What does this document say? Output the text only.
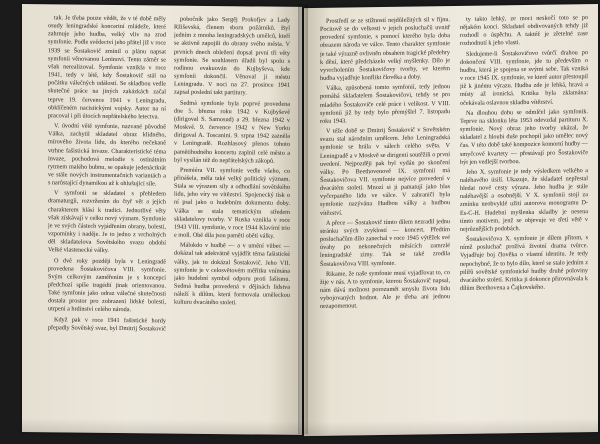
tak. Je třeba pouze vědět, že v té době měly osudy leningradské koncertní mládeže, které zahrnuje jeho hudba, velký vliv na zrod symfonie. Podle svědectví jeho přátel již v roce 1939 se Šostakovič zmínil o plánu napsat symfonii věnovanou Leninovi. Tento záměr se však nerealizoval. Symfonie vznikla v roce 1941, tedy v létě, kdy Šostakovič stál na počátku válečných událostí. Se skladbou vedle skutečné práce na jiných zakázkách začal teprve 19. července 1941 v Leningradu, obklíčeném nacistickými vojsky. Autor na ní pracoval i při útocích nepřátelského letectva.

V. úvodní větě symfonie, nazvané původně Válka, zachytil skladatel obraz klidného, mírového života lidu, do kterého nečekaně vtrhne fašistická invaze. Charakteristické téma invaze, pochodová melodie s ostinátním rytmem malého bubnu, se opakuje jedenáctkrát ve stále nových instrumentačních variantách a s narůstající dynamikou až k ohlušující síle.

V symfonii se skladatel s přehledem dramaturgii, rozvržením do čtyř vět a jejich charakterem hlásí k tradici. Jednotlivé věty však získávají v celku nový význam. Symfonie je ve svých částech vyjádřením obrany, bolesti, vzpomínky i naděje. Je to jedno z vrcholných děl skladatelova Sovětského svazu období Velké vlastenecké války.

O dvě roky později byla v Leningradě provedena Šostakovičova VIII. symfonie. Svým celkovým zaměřením je s koncepcí předchozí spíše tragédií jinak orientovanou. Také symfonie jako odraz válečné skutečnosti dostala prostor pro zobrazení lidské bolesti, utrpení a hrdinství celého národa.

Když pak v roce 1941 fašistické hordy přepadly Sovětský svaz, byl Dmitrij Šostakovič

pobočník jako Sergěj Prokofjev a Lady Ržiševská, členem sboru požárníků. Byl jedním z mnoha leningradských umělců, kteří se aktivně zapojili do obrany svého města. V prvních dnech obležení dopsal první tři věty symfonie. Se souhlasem úřadů byl spolu s rodinou evakuován do Kujbyševa, kde symfonii dokončil. Věnoval ji městu Leningradu. V noci na 27. prosince 1941 zapsal poslední takt partitury.

Sedmá symfonie byla poprvé provedena dne 5. března roku 1942 v Kujbyševě (dirigoval S. Samosud) a 29. března 1942 v Moskvě. 9. července 1942 v New Yorku dirigoval A. Toscanini. 9. srpna 1942 zazněla v Leningradě. Rozhlasový přenos tohoto pamětihodného koncertu zaplnil celé město a byl vysílán též do nepřátelských zákopů.

Premiéra VII. symfonie vedle všeho, co přinášela, měla také velký politický význam. Stala se výrazem síly a odhodlání sovětského lidu, jeho víry ve vítězství. Spojenecký tisk o ní psal jako o hudebním dokumentu doby. Válka se stala tematickým středem skladatelovy tvorby. V Ruska vznikla v roce 1943 VIII. symfonie, v roce 1944 Klavírní trio e moll. Obě díla jsou pamětí obětí války.

Málokdo v hudbě — a v umění vůbec — dokázal tak adekvátně vyjádřit téma fašistické války, jak to dokázal Šostakovič. Jeho VII. symfonie je v celosvětovém měřítku vnímána jako hudební symbol odporu proti fašismu. Sedmá hudba provedená v dějinách lidstva náleží k dílům, která formovala uměleckou kulturu dvacátého století.

Prostředí se ze stížností nejdůležitých sil v říjnu. Pocitově se do velkosti v jejich posluchačů uvnitř provedení symfonie, s pomocí kterého byla doba obrazem národa ve válce. Tento charakter symfonie je také výrazně ovlivněn obsahem tragické předehry k dění, které předcházelo velký myšlenky. Dílo je vyvrcholením Šostakovičovy tvorby, ve kterém hudba vyjadřuje konflikt člověka a doby.

Válka, způsobená tomto symfonií, tedy jednou pomáhá skladatelem Šostakovičovi, tehdy se pro mladého Šostakoviče celé práce i velikost. V VIII. symfonii již by tedy bylo přemýšlel 7. listopadu roku 1943.

V téže době se Dmitrij Šostakovič v Sovětském svazu stal národním umělcem. Jeho Leningradská symfonie se hrála v sálech celého světa. V Leningradě a v Moskvě se dirigenti soutěžili o první uvedení. Nejpozději pak byl vydán po skončení války. Po Beethovenově IX. symfonii má Šostakovičova VII. symfonie nejvíce provedení v dvacátém století. Mnozí si ji pamatují jako hlas vyčerpaného lidu ve válce. V zahraničí byla symfonie nazývána Hudbou války a hudbou vítězství.

A přece — Šostakovič tímto dílem nezradil jednu stránku svých zvyklostí — koncert. Předtím posluchačům dílo zanechal v roce 1945 výtěžek své úvahy po nekonečných měsících zamrzlé leningradské zimy. Tak se také zrodila Šostakovičova VIII. symfonie.

Rikame, že naše symfonie musí vyjadřovat to, co žije v nás. A to symfonie, kterou Šostakovič napsal, nám dává možnost porozumět smyslu života lidu vybojovaných hodnot. Ale je třeba ani jednou nezapomenout.

ty takto lehký, ze moci neskočí toto se po nějakém konci. Skladatel obdivovaných tehdy již rozhodl o úspěchu. A taktéž je zřetelné zase rozhodnutí k jeho vlasti.

Sledujeme-li Šostakovičovo tvůrčí drahou po dokončení VIII. symfonie, jde tu především o hudbu, která je spojena se svými sebe. Tak vzniká v roce 1945 IX. symfonie, ve které autor přestoupil již k jinému výrazu. Hudba zde je lehká, hravá a místy až ironická. Kritika byla zklamána: očekávala oslavnou skladbu vítězství.

Na dlouhou dobu se odmlčel jako symfonik. Teprve na sklonku léta 1953 odevzdal partituru X. symfonie. Nový obraz jeho tvorby ukázal, že skladatel z hloubi duše pochopil jako umělec nový čas. V této době také kompozice komorní hudby — smyčcové kvartety — přestávají pro Šostakoviče být jen vedlejší tvorbou.

Jeho X. symfonie je tedy výsledkem velkého a naléhavého úsilí. Ukazuje, že skladatel nepřestal hledat nové cesty výrazu. Jeho hudba je stále naléhavější a osobnější. V X. symfonii stojí za zmínku neobvyklé užití autorova monogramu D-Es-C-H. Hudební myšlenka skladby je nesena tímto motivem, jenž se objevuje ve třetí větě v nejrůznějších podobách.

Šostakovičova X. symfonie je dílem přitom, s nímž posluchač prožívá životní drama tvůrce. Vyjadřuje boj člověka o vlastní identitu. Je tedy nepochybné, že to bylo dílo, které se stalo jedním z pilířů sovětské symfonické hudby druhé poloviny dvacátého století. Kritika ji dokonce přirovnávala k dílům Beethovena a Čajkovského.
